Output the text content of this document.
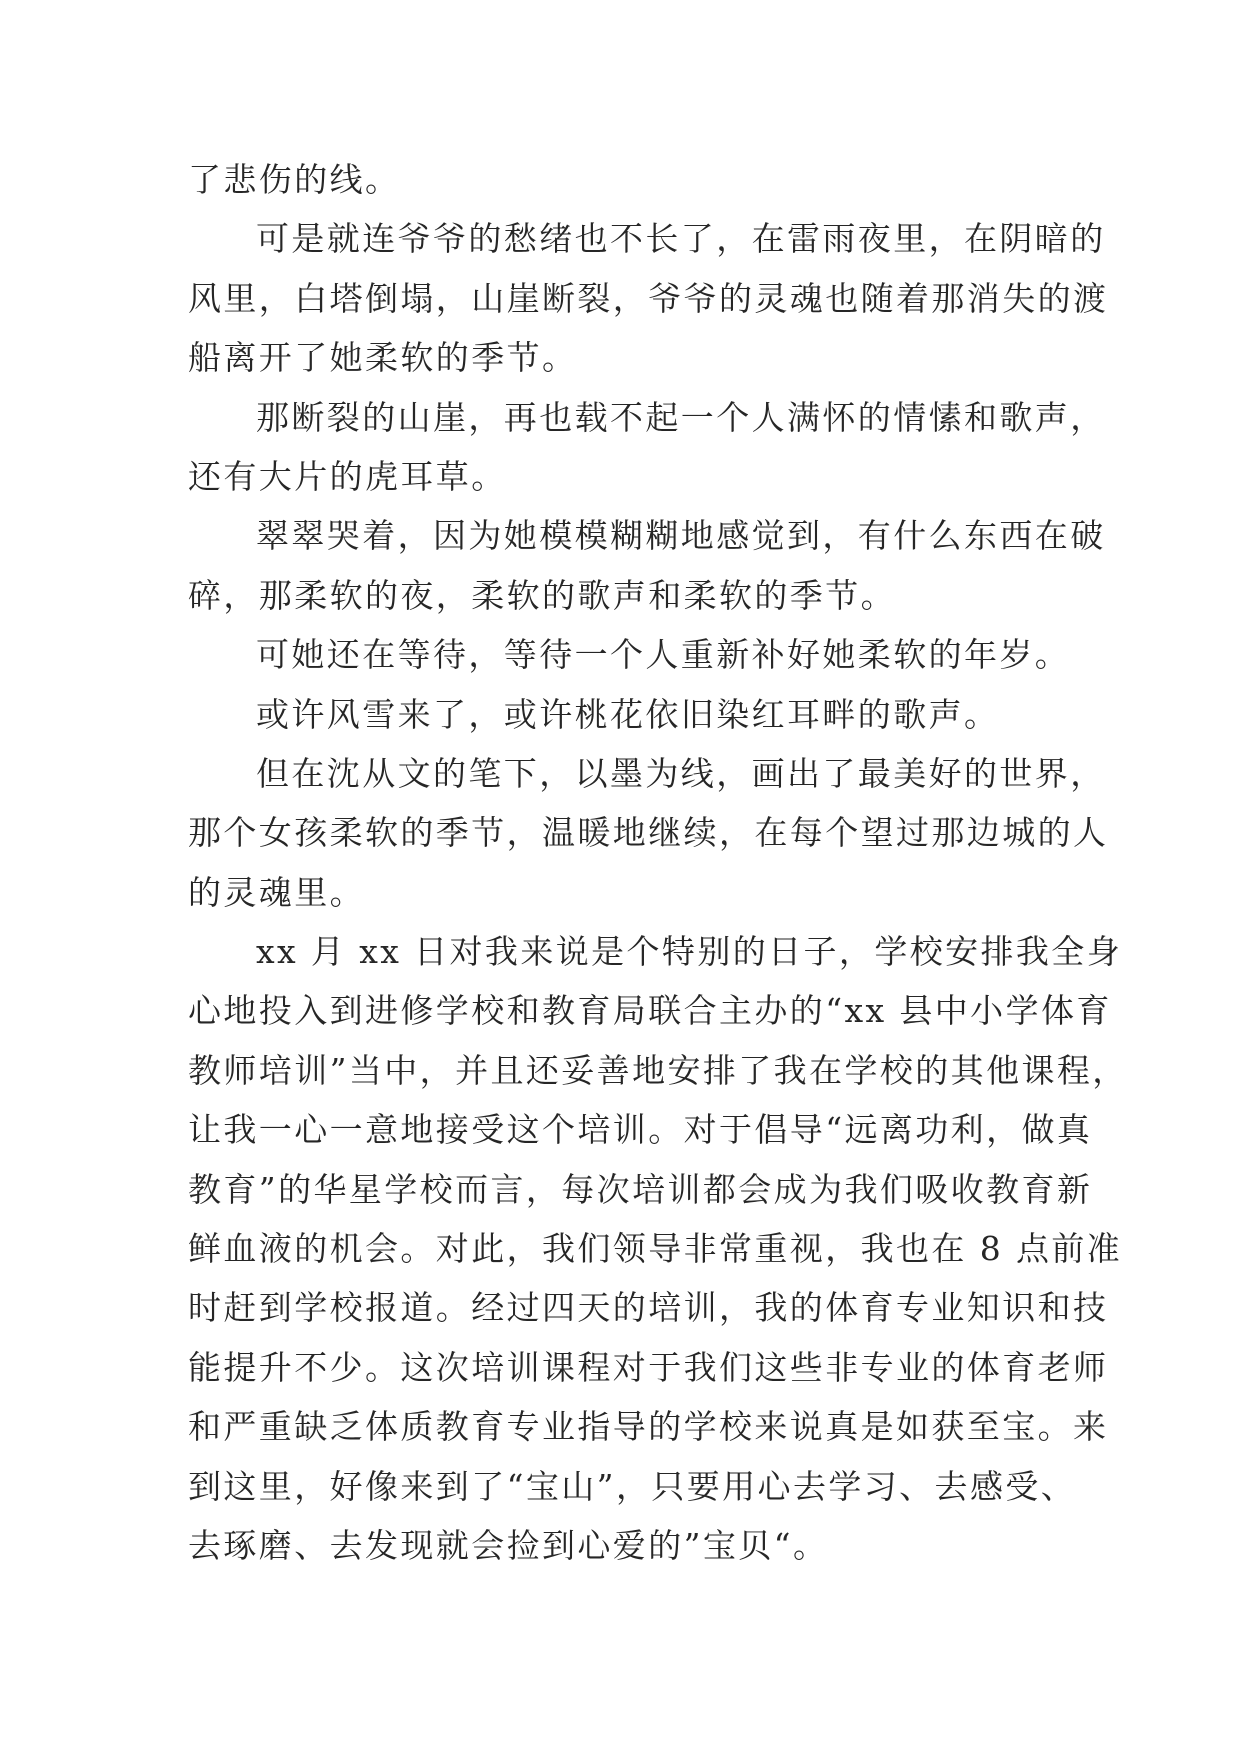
了悲伤的线。
可是就连爷爷的愁绪也不长了，在雷雨夜里，在阴暗的
风里，白塔倒塌，山崖断裂，爷爷的灵魂也随着那消失的渡
船离开了她柔软的季节。
那断裂的山崖，再也载不起一个人满怀的情愫和歌声，
还有大片的虎耳草。
翠翠哭着，因为她模模糊糊地感觉到，有什么东西在破
碎，那柔软的夜，柔软的歌声和柔软的季节。
可她还在等待，等待一个人重新补好她柔软的年岁。
或许风雪来了，或许桃花依旧染红耳畔的歌声。
但在沈从文的笔下，以墨为线，画出了最美好的世界，
那个女孩柔软的季节，温暖地继续，在每个望过那边城的人
的灵魂里。
xx 月 xx 日对我来说是个特别的日子，学校安排我全身
心地投入到进修学校和教育局联合主办的“xx 县中小学体育
教师培训”当中，并且还妥善地安排了我在学校的其他课程，
让我一心一意地接受这个培训。对于倡导“远离功利，做真
教育”的华星学校而言，每次培训都会成为我们吸收教育新
鲜血液的机会。对此，我们领导非常重视，我也在 8 点前准
时赶到学校报道。经过四天的培训，我的体育专业知识和技
能提升不少。这次培训课程对于我们这些非专业的体育老师
和严重缺乏体质教育专业指导的学校来说真是如获至宝。来
到这里，好像来到了“宝山”，只要用心去学习、去感受、
去琢磨、去发现就会捡到心爱的”宝贝“。
